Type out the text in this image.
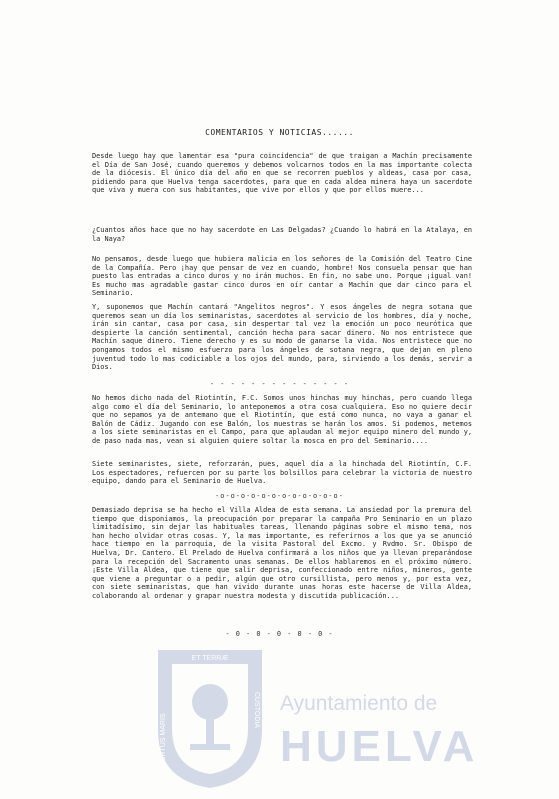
COMENTARIOS Y NOTICIAS......
Desde luego hay que lamentar esa "pura coincidencia" de que traigan a Machín precisamente el Día de San José, cuando queremos y debemos volcarnos todos en la mas importante colecta de la diócesis. El único día del año en que se recorren pueblos y aldeas, casa por casa, pidiendo para que Huelva tenga sacerdotes, para que en cada aldea minera haya un sacerdote que viva y muera con sus habitantes, que vive por ellos y que por ellos muere...
¿Cuantos años hace que no hay sacerdote en Las Delgadas? ¿Cuando lo habrá en la Atalaya, en la Naya?
No pensamos, desde luego que hubiera malicia en los señores de la Comisión del Teatro Cine de la Compañía. Pero ¡hay que pensar de vez en cuando, hombre! Nos consuela pensar que han puesto las entradas a cinco duros y no irán muchos. En fin, no sabe uno. Porque ¡igual van! Es mucho mas agradable gastar cinco duros en oír cantar a Machín que dar cinco para el Seminario.
Y, suponemos que Machín cantará "Angelitos negros". Y esos ángeles de negra sotana que queremos sean un día los seminaristas, sacerdotes al servicio de los hombres, día y noche, irán sin cantar, casa por casa, sin despertar tal vez la emoción un poco neurótica que despierte la canción sentimental, canción hecha para sacar dinero. No nos entristece que Machín saque dinero. Tiene derecho y es su modo de ganarse la vida. Nos entristece que no pongamos todos el mismo esfuerzo para los ángeles de sotana negra, que dejan en pleno juventud todo lo mas codiciable a los ojos del mundo, para, sirviendo a los demás, servir a Dios.
- - - - - - - - - - - - - -
No hemos dicho nada del Riotintín, F.C. Somos unos hinchas muy hinchas, pero cuando llega algo como el día del Seminario, lo anteponemos a otra cosa cualquiera. Eso no quiere decir que no sepamos ya de antemano que el Riotintín, que está como nunca, no vaya a ganar el Balón de Cádiz. Jugando con ese Balón, los muestras se harán los amos. Si podemos, metemos a los siete seminaristas en el Campo, para que aplaudan al mejor equipo minero del mundo y, de paso nada mas, vean si alguien quiere soltar la mosca en pro del Seminario....
Siete seminaristes, siete, reforzarán, pues, aquel día a la hinchada del Riotintín, C.F. Los espectadores, refuercen por su parte los bolsillos para celebrar la victoria de nuestro equipo, dando para el Seminario de Huelva.
-o-o-o-o-o-o-o-o-o-o-o-o-
Demasiado deprisa se ha hecho el Villa Aldea de esta semana. La ansiedad por la premura del tiempo que disponíamos, la preocupación por preparar la campaña Pro Seminario en un plazo limitadísimo, sin dejar las habituales tareas, llenando páginas sobre el mismo tema, nos han hecho olvidar otras cosas. Y, la mas importante, es referirnos a los que ya se anunció hace tiempo en la parroquia, de la visita Pastoral del Excmo. y Rvdmo. Sr. Obispo de Huelva, Dr. Cantero. El Prelado de Huelva confirmará a los niños que ya llevan preparándose para la recepción del Sacramento unas semanas. De ellos hablaremos en el próximo número. ¡Este Villa Aldea, que tiene que salir deprisa, confeccionado entre niños, mineros, gente que viene a preguntar o a pedir, algún que otro cursillista, pero menos y, por esta vez, con siete seminaristas, que han vivido durante unas horas este hacerse de Villa Aldea, colaborando al ordenar y grapar nuestra modesta y discutida publicación...
- 0 - 0 - 0 - 0 - 0 -
ET TERRÆ
PORTUS MARIS
CUSTODIA Ayuntamiento de
HUELVA
